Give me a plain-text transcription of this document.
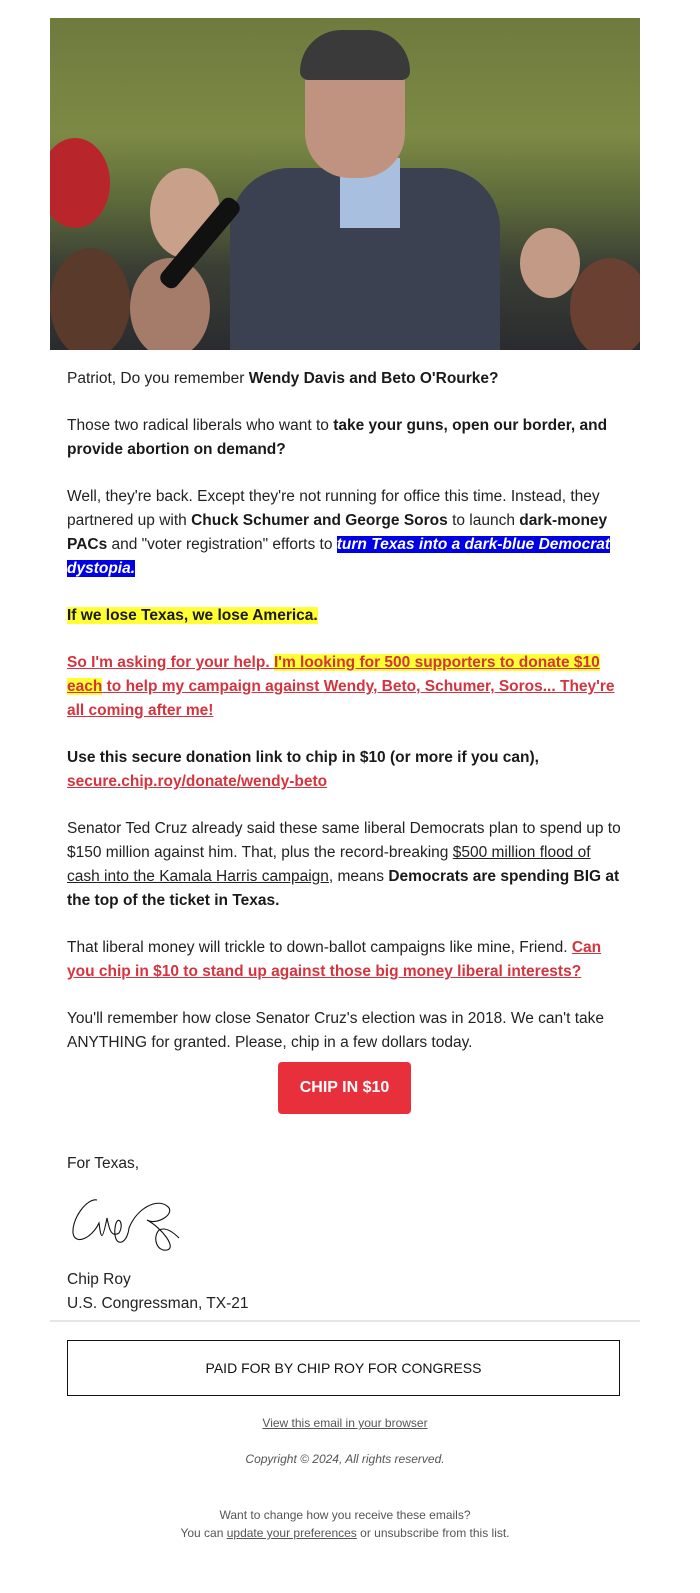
Patriot, Do you remember Wendy Davis and Beto O'Rourke?

Those two radical liberals who want to take your guns, open our border, and provide abortion on demand?

Well, they're back. Except they're not running for office this time. Instead, they partnered up with Chuck Schumer and George Soros to launch dark-money PACs and "voter registration" efforts to turn Texas into a dark-blue Democrat dystopia.

If we lose Texas, we lose America.

So I'm asking for your help. I'm looking for 500 supporters to donate $10 each to help my campaign against Wendy, Beto, Schumer, Soros... They're all coming after me!

Use this secure donation link to chip in $10 (or more if you can), secure.chip.roy/donate/wendy-beto

Senator Ted Cruz already said these same liberal Democrats plan to spend up to $150 million against him. That, plus the record-breaking $500 million flood of cash into the Kamala Harris campaign, means Democrats are spending BIG at the top of the ticket in Texas.

That liberal money will trickle to down-ballot campaigns like mine, Friend. Can you chip in $10 to stand up against those big money liberal interests?

You'll remember how close Senator Cruz's election was in 2018. We can't take ANYTHING for granted. Please, chip in a few dollars today.

CHIP IN $10
For Texas,
Chip Roy
U.S. Congressman, TX-21
PAID FOR BY CHIP ROY FOR CONGRESS
View this email in your browser
Copyright © 2024, All rights reserved.
Want to change how you receive these emails?
You can update your preferences or unsubscribe from this list.
